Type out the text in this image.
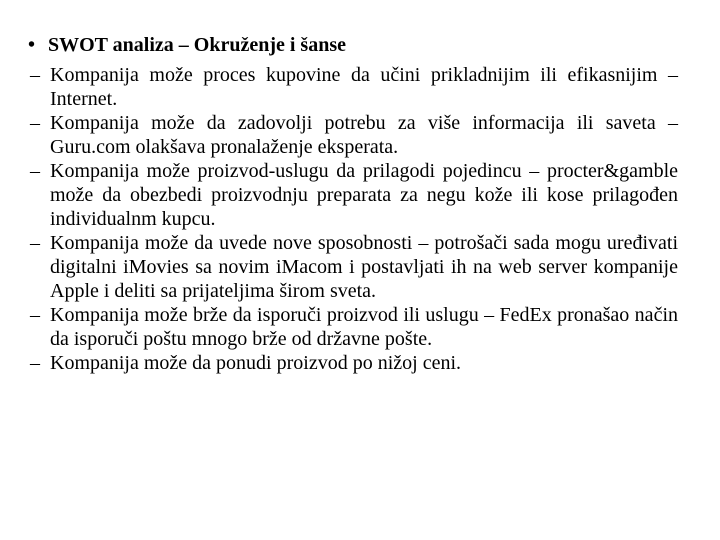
• SWOT analiza – Okruženje i šanse
– Kompanija može proces kupovine da učini prikladnijim ili efikasnijim – Internet.
– Kompanija može da zadovolji potrebu za više informacija ili saveta – Guru.com olakšava pronalaženje eksperata.
– Kompanija može proizvod-uslugu da prilagodi pojedincu – procter&gamble može da obezbedi proizvodnju preparata za negu kože ili kose prilagođen individualnm kupcu.
– Kompanija može da uvede nove sposobnosti – potrošači sada mogu uređivati digitalni iMovies sa novim iMacom i postavljati ih na web server kompanije Apple i deliti sa prijateljima širom sveta.
– Kompanija može brže da isporuči proizvod ili uslugu – FedEx pronašao način da isporuči poštu mnogo brže od državne pošte.
– Kompanija može da ponudi proizvod po nižoj ceni.
